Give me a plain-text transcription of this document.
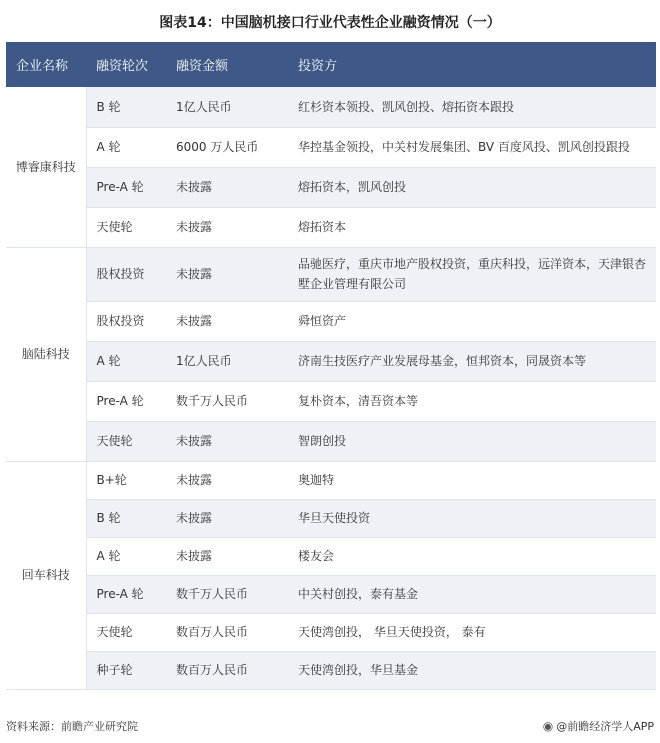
图表14：中国脑机接口行业代表性企业融资情况（一）
企业名称	融资轮次	融资金额	投资方
博睿康科技	B 轮	1亿人民币	红杉资本领投、凯风创投、熔拓资本跟投
	A 轮	6000 万人民币	华控基金领投，中关村发展集团、BV 百度风投、凯风创投跟投
	Pre-A 轮	未披露	熔拓资本，凯风创投
	天使轮	未披露	熔拓资本
脑陆科技	股权投资	未披露	品驰医疗，重庆市地产股权投资，重庆科投，远洋资本，天津银杏墅企业管理有限公司
	股权投资	未披露	舜恒资产
	A 轮	1亿人民币	济南生技医疗产业发展母基金，恒邦资本，同晟资本等
	Pre-A 轮	数千万人民币	复朴资本，清吾资本等
	天使轮	未披露	智朗创投
回车科技	B+轮	未披露	奥迦特
	B 轮	未披露	华旦天使投资
	A 轮	未披露	楼友会
	Pre-A 轮	数千万人民币	中关村创投，泰有基金
	天使轮	数百万人民币	天使湾创投， 华旦天使投资， 泰有
	种子轮	数百万人民币	天使湾创投，华旦基金
资料来源：前瞻产业研究院	◉ @前瞻经济学人APP
